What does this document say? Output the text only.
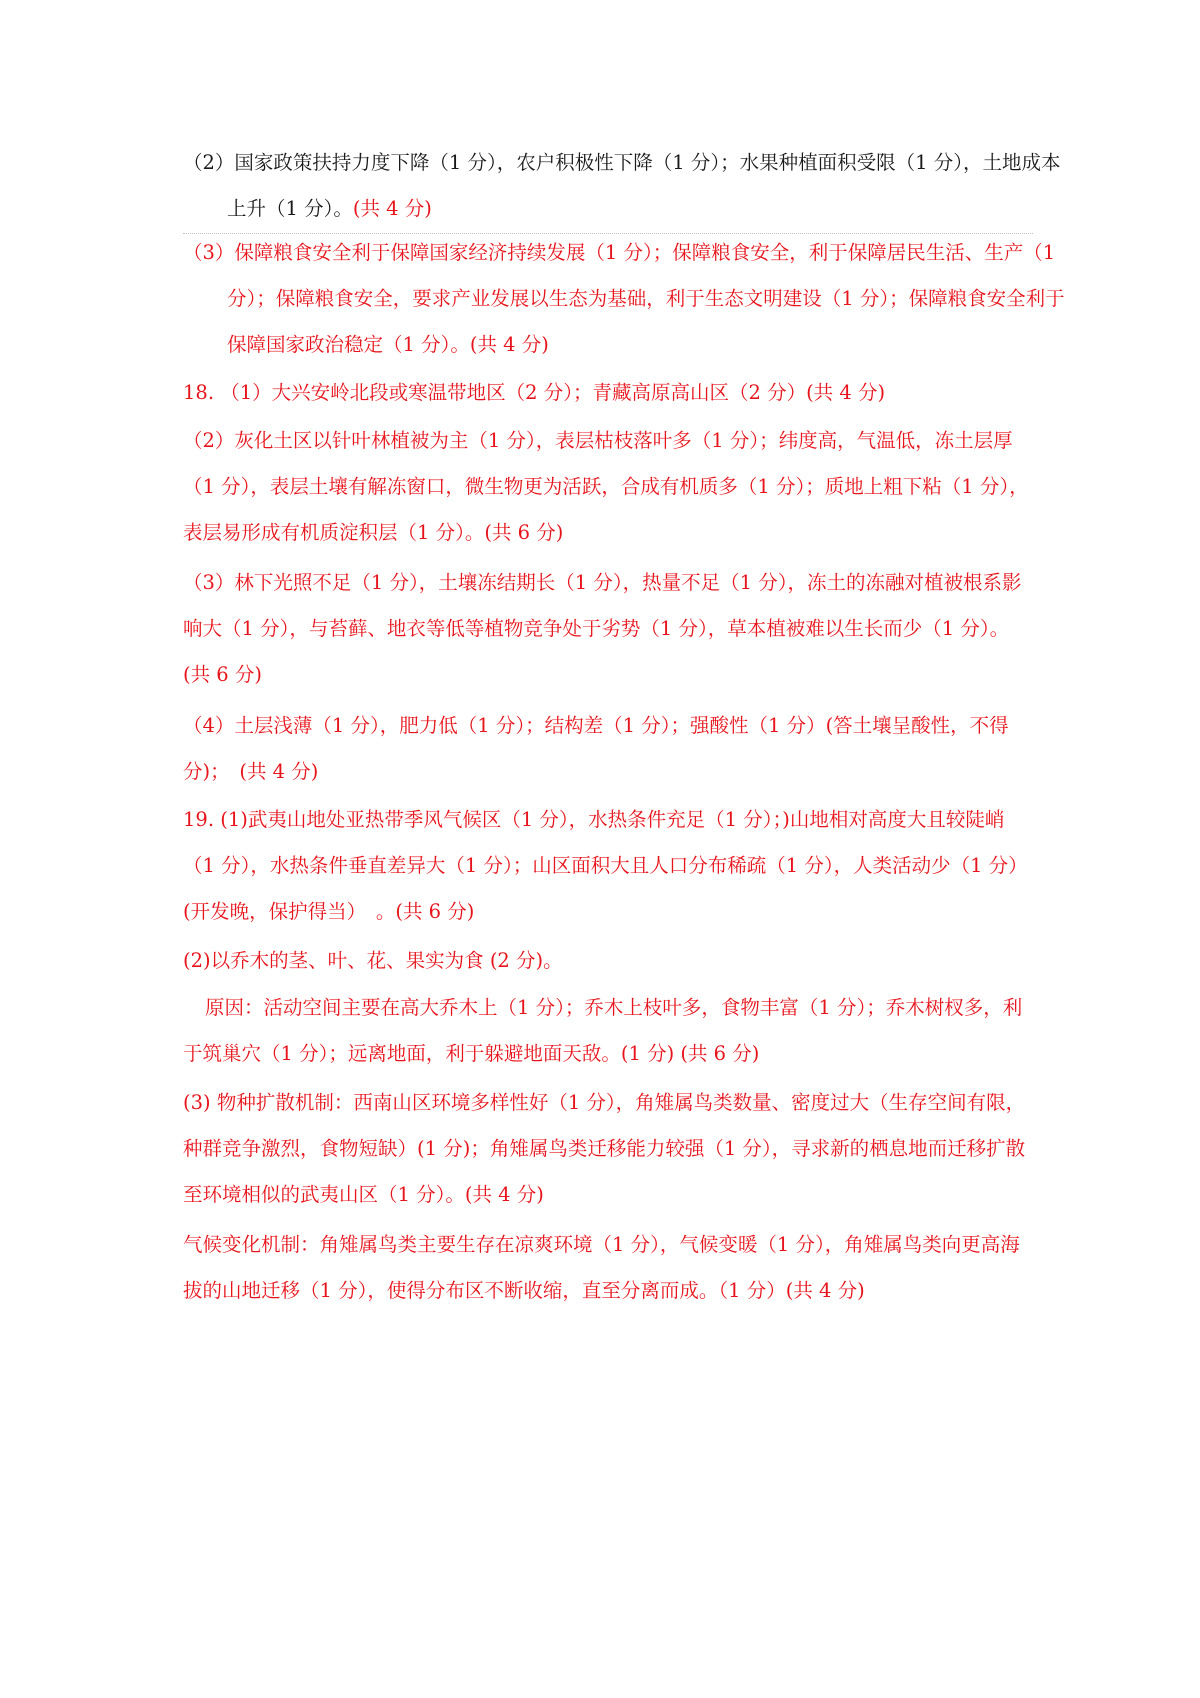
（2）国家政策扶持力度下降（1 分），农户积极性下降（1 分）；水果种植面积受限（1 分），土地成本上升（1 分）。(共 4 分)

（3）保障粮食安全利于保障国家经济持续发展（1 分）；保障粮食安全，利于保障居民生活、生产（1 分）；保障粮食安全，要求产业发展以生态为基础，利于生态文明建设（1 分）；保障粮食安全利于保障国家政治稳定（1 分）。(共 4 分)

18. （1）大兴安岭北段或寒温带地区（2 分）；青藏高原高山区（2 分）(共 4 分)

（2）灰化土区以针叶林植被为主（1 分），表层枯枝落叶多（1 分）；纬度高，气温低，冻土层厚（1 分），表层土壤有解冻窗口，微生物更为活跃，合成有机质多（1 分）；质地上粗下粘（1 分），表层易形成有机质淀积层（1 分）。(共 6 分)

（3）林下光照不足（1 分），土壤冻结期长（1 分），热量不足（1 分），冻土的冻融对植被根系影响大（1 分），与苔藓、地衣等低等植物竞争处于劣势（1 分），草本植被难以生长而少（1 分）。(共 6 分)

（4）土层浅薄（1 分），肥力低（1 分）；结构差（1 分）；强酸性（1 分）(答土壤呈酸性，不得分)；　(共 4 分)

19. (1)武夷山地处亚热带季风气候区（1 分），水热条件充足（1 分）；)山地相对高度大且较陡峭（1 分），水热条件垂直差异大（1 分）；山区面积大且人口分布稀疏（1 分），人类活动少（1 分）(开发晚，保护得当）　。(共 6 分)

(2)以乔木的茎、叶、花、果实为食 (2 分)。

原因：活动空间主要在高大乔木上（1 分）；乔木上枝叶多，食物丰富（1 分）；乔木树杈多，利于筑巢穴（1 分）；远离地面，利于躲避地面天敌。(1 分) (共 6 分)

(3) 物种扩散机制：西南山区环境多样性好（1 分），角雉属鸟类数量、密度过大（生存空间有限，种群竞争激烈，食物短缺）(1 分)；角雉属鸟类迁移能力较强（1 分），寻求新的栖息地而迁移扩散至环境相似的武夷山区（1 分）。(共 4 分)

气候变化机制：角雉属鸟类主要生存在凉爽环境（1 分），气候变暖（1 分），角雉属鸟类向更高海拔的山地迁移（1 分），使得分布区不断收缩，直至分离而成。（1 分）(共 4 分)
